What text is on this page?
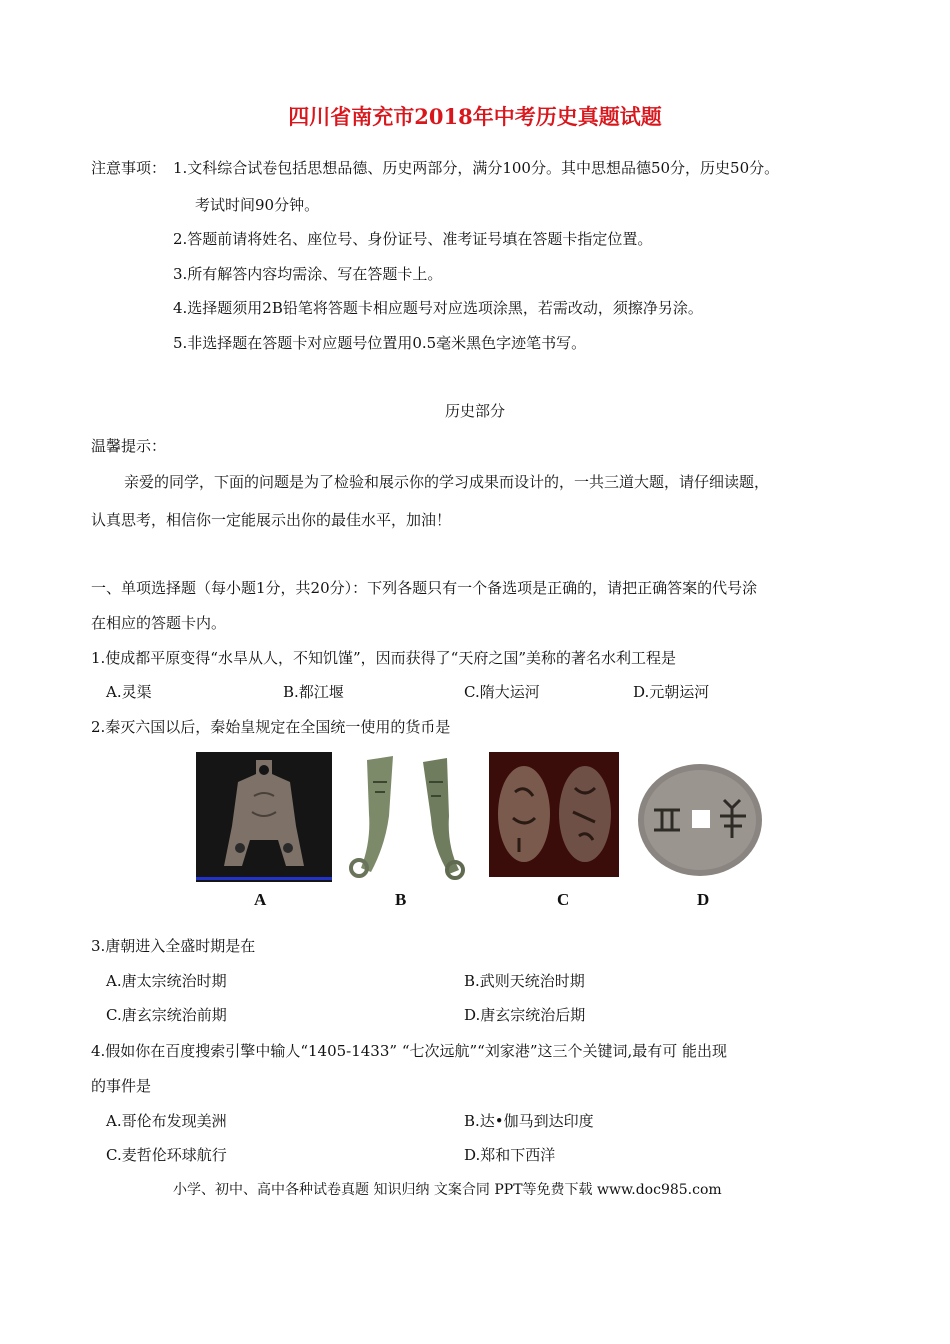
四川省南充市2018年中考历史真题试题
注意事项： 1.文科综合试卷包括思想品德、历史两部分，满分100分。其中思想品德50分，历史50分。
考试时间90分钟。
2.答题前请将姓名、座位号、身份证号、准考证号填在答题卡指定位置。
3.所有解答内容均需涂、写在答题卡上。
4.选择题须用2B铅笔将答题卡相应题号对应选项涂黑，若需改动，须擦净另涂。
5.非选择题在答题卡对应题号位置用0.5毫米黑色字迹笔书写。
历史部分
温馨提示：
亲爱的同学，下面的问题是为了检验和展示你的学习成果而设计的，一共三道大题，请仔细读题，
认真思考，相信你一定能展示出你的最佳水平，加油！
一、单项选择题（每小题1分，共20分）：下列各题只有一个备选项是正确的，请把正确答案的代号涂
在相应的答题卡内。
1.使成都平原变得“水旱从人，不知饥馑”，因而获得了“天府之国”美称的著名水利工程是
A.灵渠	B.都江堰	C.隋大运河	D.元朝运河
2.秦灭六国以后，秦始皇规定在全国统一使用的货币是
A	B	C	D
3.唐朝进入全盛时期是在
A.唐太宗统治时期	B.武则天统治时期
C.唐玄宗统治前期	D.唐玄宗统治后期
4.假如你在百度搜索引擎中输人“1405-1433” “七次远航”“刘家港”这三个关键词,最有可 能出现
的事件是
A.哥伦布发现美洲	B.达•伽马到达印度
C.麦哲伦环球航行	D.郑和下西洋
小学、初中、高中各种试卷真题 知识归纳 文案合同 PPT等免费下载 www.doc985.com
